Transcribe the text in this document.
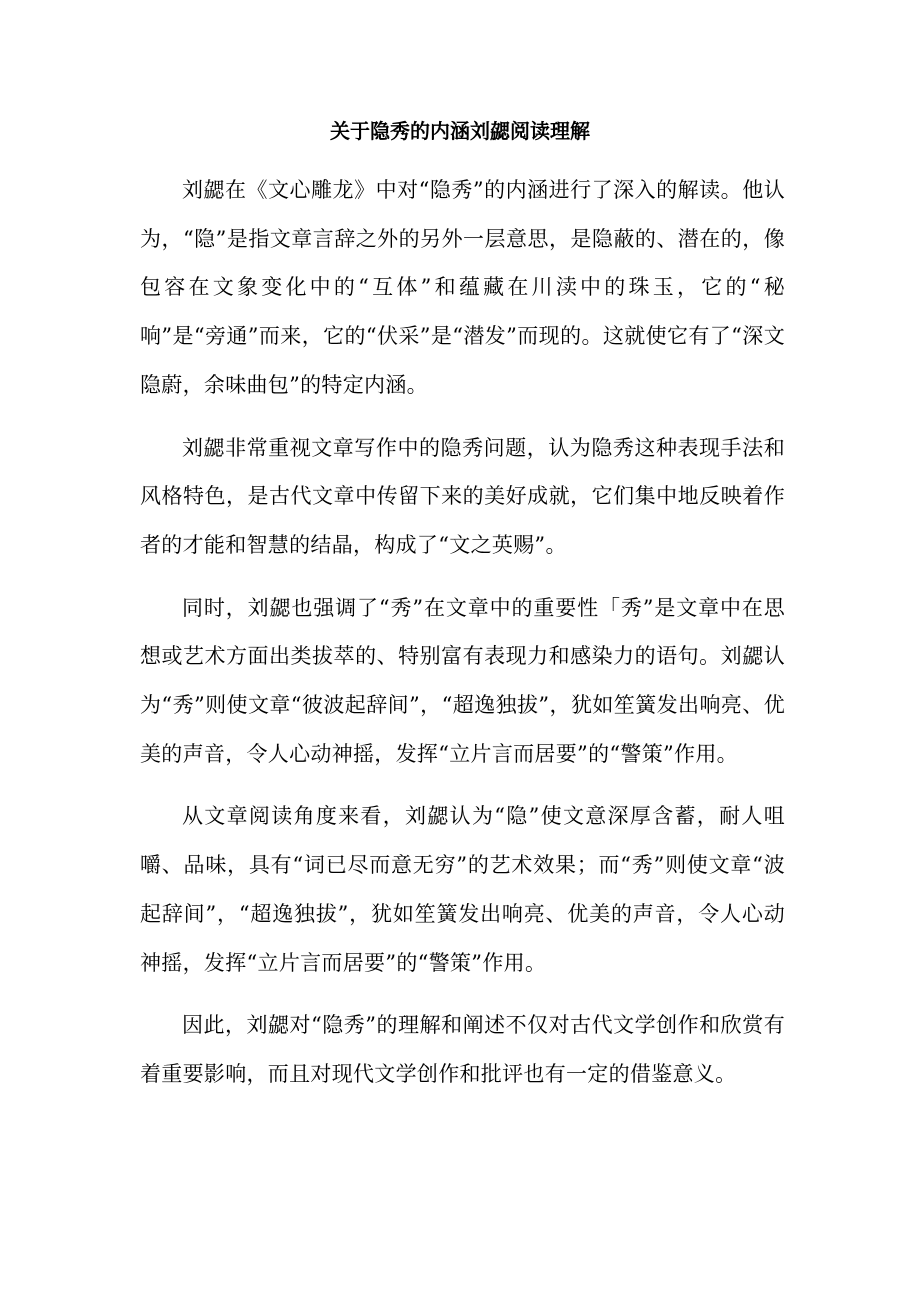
关于隐秀的内涵刘勰阅读理解

刘勰在《文心雕龙》中对“隐秀”的内涵进行了深入的解读。他认为，“隐”是指文章言辞之外的另外一层意思，是隐蔽的、潜在的，像包容在文象变化中的“互体”和蕴藏在川渎中的珠玉，它的“秘响”是“旁通”而来，它的“伏采”是“潜发”而现的。这就使它有了“深文隐蔚，余味曲包”的特定内涵。

刘勰非常重视文章写作中的隐秀问题，认为隐秀这种表现手法和风格特色，是古代文章中传留下来的美好成就，它们集中地反映着作者的才能和智慧的结晶，构成了“文之英赐”。

同时，刘勰也强调了“秀”在文章中的重要性「秀”是文章中在思想或艺术方面出类拔萃的、特别富有表现力和感染力的语句。刘勰认为“秀”则使文章“彼波起辞间”，“超逸独拔”，犹如笙簧发出响亮、优美的声音，令人心动神摇，发挥“立片言而居要”的“警策”作用。

从文章阅读角度来看，刘勰认为“隐”使文意深厚含蓄，耐人咀嚼、品味，具有“词已尽而意无穷”的艺术效果；而“秀”则使文章“波起辞间”，“超逸独拔”，犹如笙簧发出响亮、优美的声音，令人心动神摇，发挥“立片言而居要”的“警策”作用。

因此，刘勰对“隐秀”的理解和阐述不仅对古代文学创作和欣赏有着重要影响，而且对现代文学创作和批评也有一定的借鉴意义。
